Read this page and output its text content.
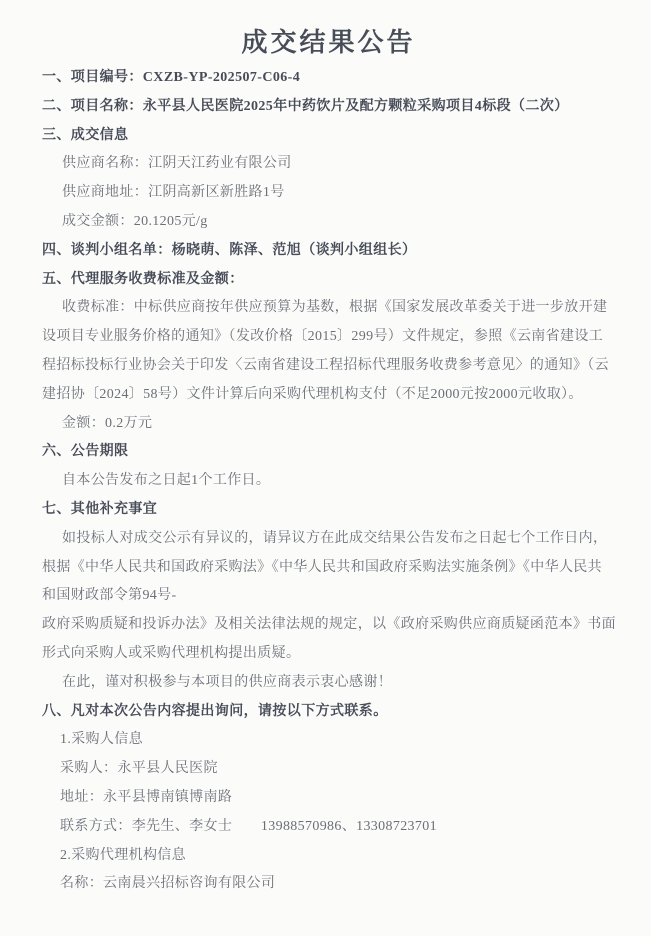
成交结果公告
一、项目编号：CXZB-YP-202507-C06-4
二、项目名称：永平县人民医院2025年中药饮片及配方颗粒采购项目4标段（二次）
三、成交信息
供应商名称：江阴天江药业有限公司
供应商地址：江阴高新区新胜路1号
成交金额：20.1205元/g
四、谈判小组名单：杨晓萌、陈泽、范旭（谈判小组组长）
五、代理服务收费标准及金额：
收费标准：中标供应商按年供应预算为基数，根据《国家发展改革委关于进一步放开建
设项目专业服务价格的通知》（发改价格〔2015〕299号）文件规定，参照《云南省建设工
程招标投标行业协会关于印发〈云南省建设工程招标代理服务收费参考意见〉的通知》（云
建招协〔2024〕58号）文件计算后向采购代理机构支付（不足2000元按2000元收取）。
金额：0.2万元
六、公告期限
自本公告发布之日起1个工作日。
七、其他补充事宜
如投标人对成交公示有异议的，请异议方在此成交结果公告发布之日起七个工作日内，
根据《中华人民共和国政府采购法》《中华人民共和国政府采购法实施条例》《中华人民共
和国财政部令第94号-
政府采购质疑和投诉办法》及相关法律法规的规定，以《政府采购供应商质疑函范本》书面
形式向采购人或采购代理机构提出质疑。
在此，谨对积极参与本项目的供应商表示衷心感谢！
八、凡对本次公告内容提出询问，请按以下方式联系。
1.采购人信息
采购人：永平县人民医院
地址：永平县博南镇博南路
联系方式：李先生、李女士　　13988570986、13308723701
2.采购代理机构信息
名称：云南晨兴招标咨询有限公司
